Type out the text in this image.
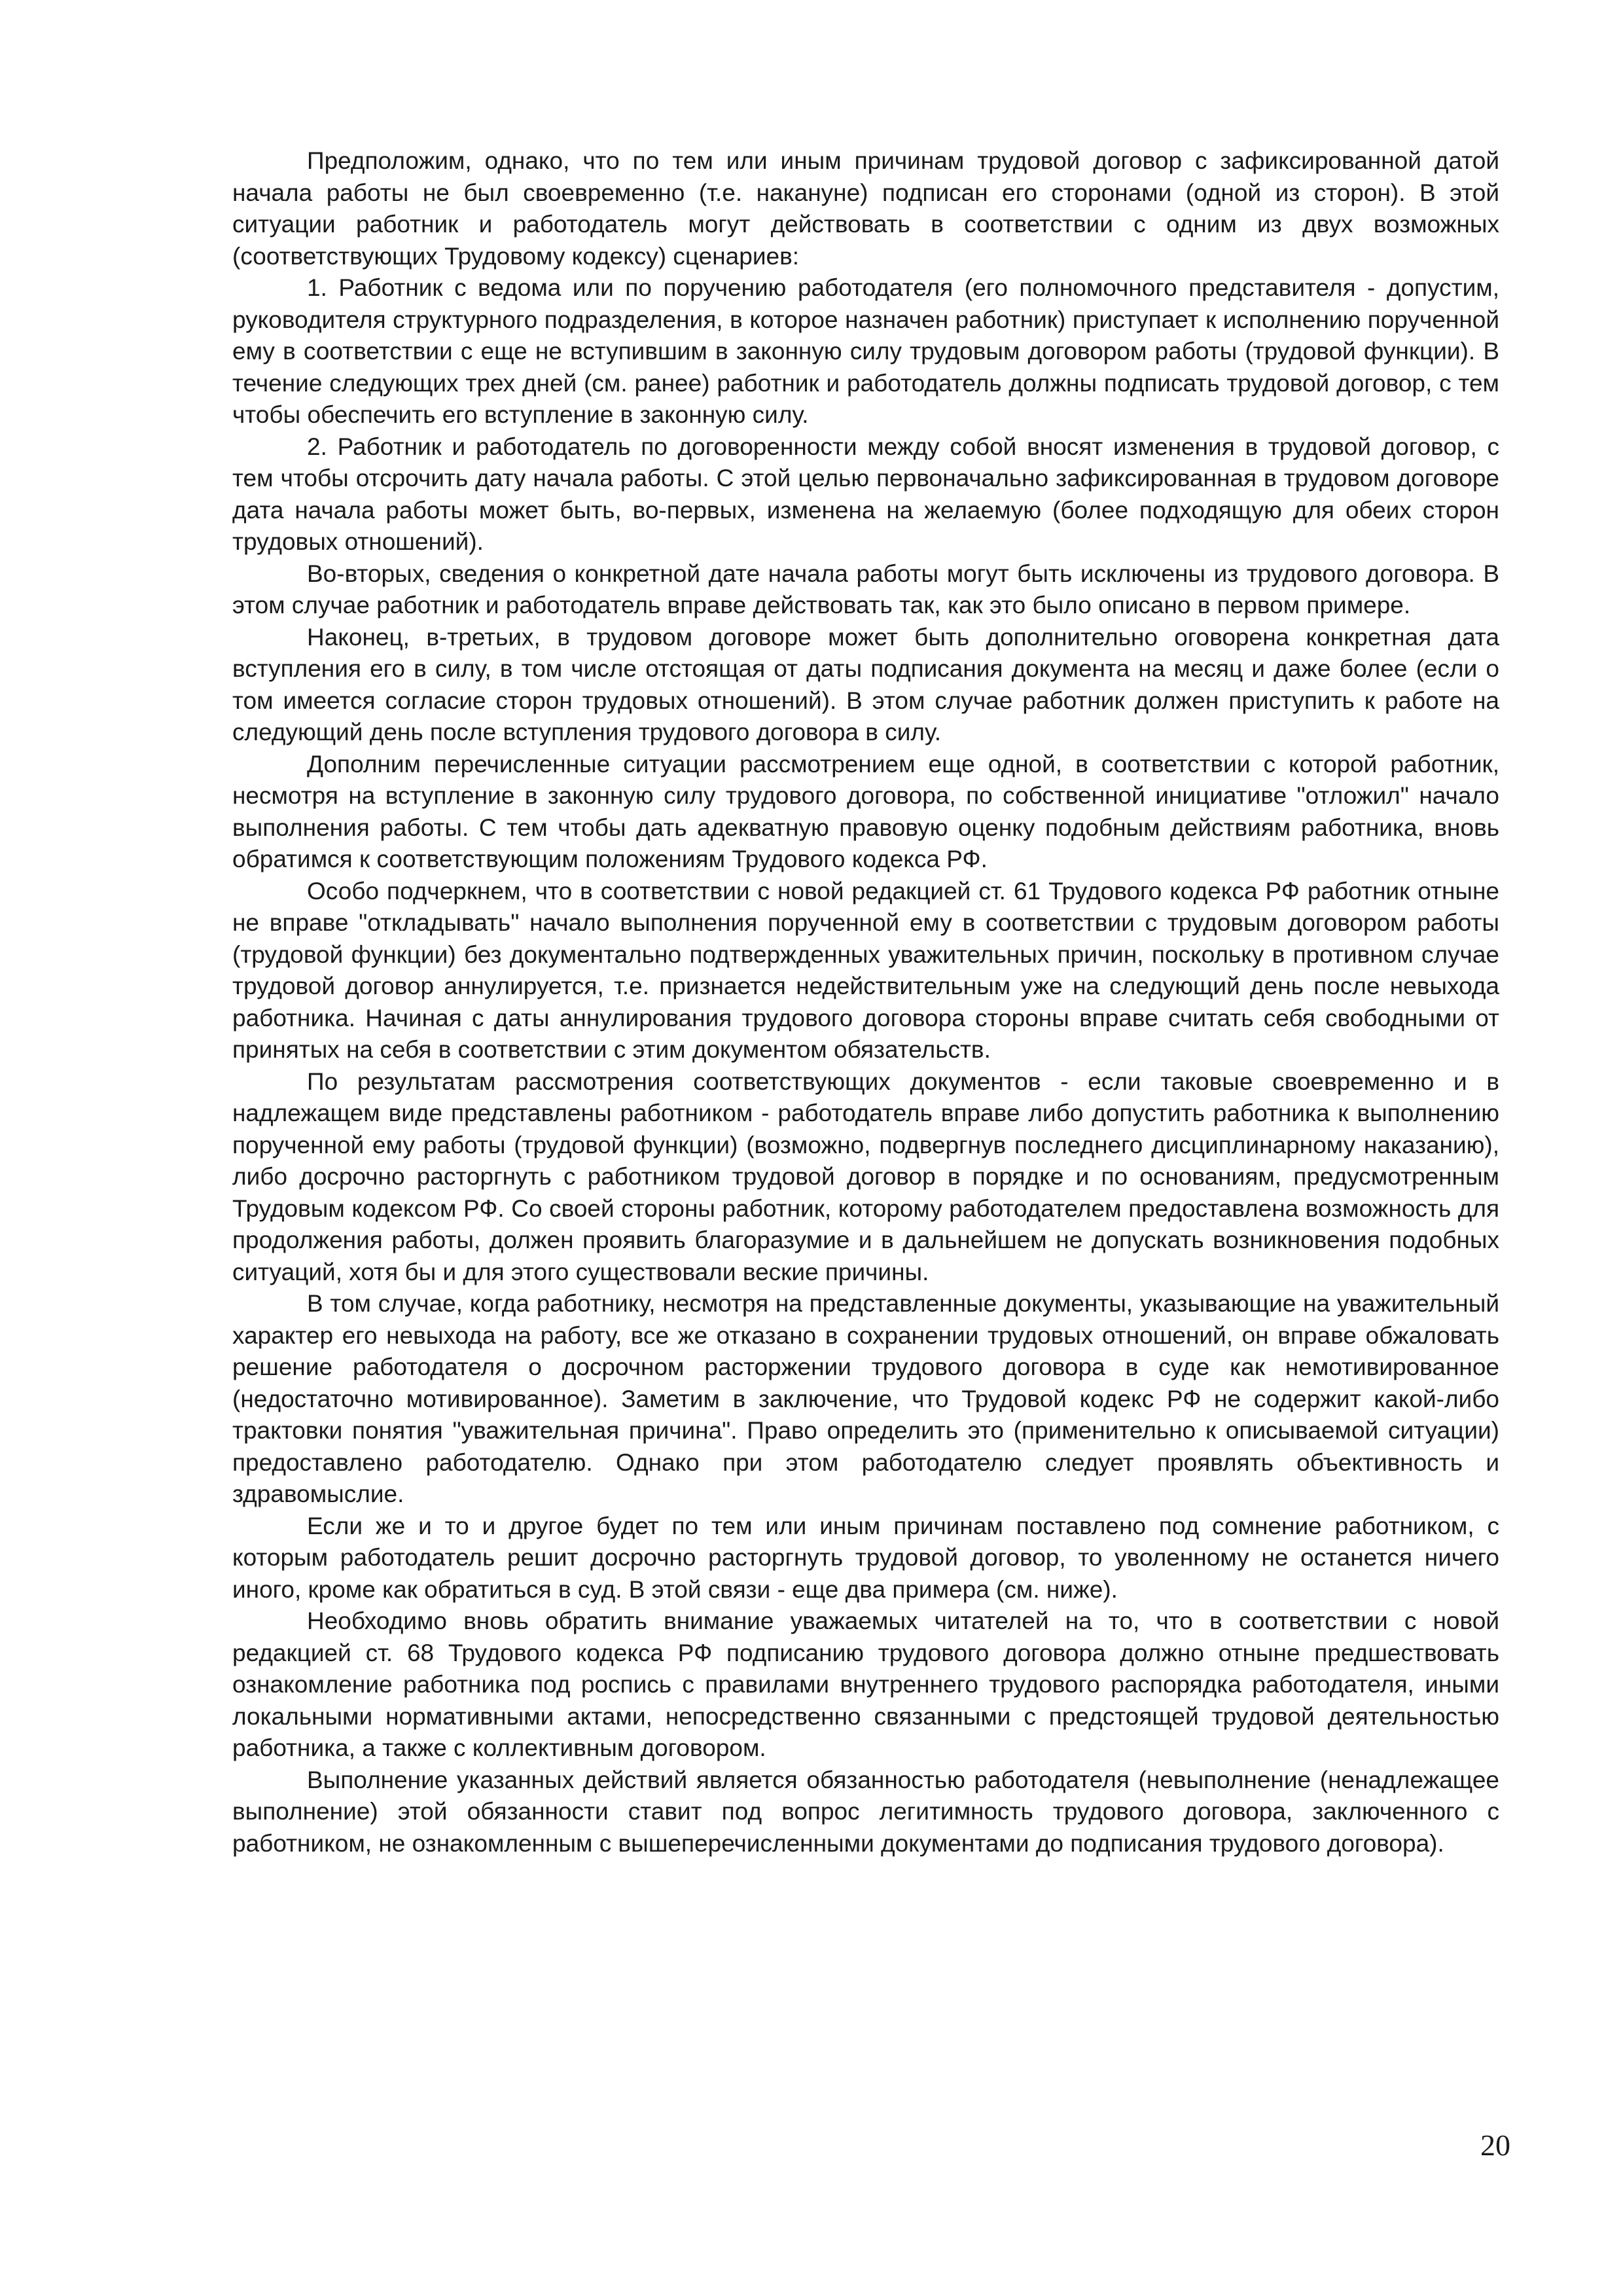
Предположим, однако, что по тем или иным причинам трудовой договор с зафиксированной датой начала работы не был своевременно (т.е. накануне) подписан его сторонами (одной из сторон). В этой ситуации работник и работодатель могут действовать в соответствии с одним из двух возможных (соответствующих Трудовому кодексу) сценариев:

1. Работник с ведома или по поручению работодателя (его полномочного представителя - допустим, руководителя структурного подразделения, в которое назначен работник) приступает к исполнению порученной ему в соответствии с еще не вступившим в законную силу трудовым договором работы (трудовой функции). В течение следующих трех дней (см. ранее) работник и работодатель должны подписать трудовой договор, с тем чтобы обеспечить его вступление в законную силу.

2. Работник и работодатель по договоренности между собой вносят изменения в трудовой договор, с тем чтобы отсрочить дату начала работы. С этой целью первоначально зафиксированная в трудовом договоре дата начала работы может быть, во-первых, изменена на желаемую (более подходящую для обеих сторон трудовых отношений).

Во-вторых, сведения о конкретной дате начала работы могут быть исключены из трудового договора. В этом случае работник и работодатель вправе действовать так, как это было описано в первом примере.

Наконец, в-третьих, в трудовом договоре может быть дополнительно оговорена конкретная дата вступления его в силу, в том числе отстоящая от даты подписания документа на месяц и даже более (если о том имеется согласие сторон трудовых отношений). В этом случае работник должен приступить к работе на следующий день после вступления трудового договора в силу.

Дополним перечисленные ситуации рассмотрением еще одной, в соответствии с которой работник, несмотря на вступление в законную силу трудового договора, по собственной инициативе "отложил" начало выполнения работы. С тем чтобы дать адекватную правовую оценку подобным действиям работника, вновь обратимся к соответствующим положениям Трудового кодекса РФ.

Особо подчеркнем, что в соответствии с новой редакцией ст. 61 Трудового кодекса РФ работник отныне не вправе "откладывать" начало выполнения порученной ему в соответствии с трудовым договором работы (трудовой функции) без документально подтвержденных уважительных причин, поскольку в противном случае трудовой договор аннулируется, т.е. признается недействительным уже на следующий день после невыхода работника. Начиная с даты аннулирования трудового договора стороны вправе считать себя свободными от принятых на себя в соответствии с этим документом обязательств.

По результатам рассмотрения соответствующих документов - если таковые своевременно и в надлежащем виде представлены работником - работодатель вправе либо допустить работника к выполнению порученной ему работы (трудовой функции) (возможно, подвергнув последнего дисциплинарному наказанию), либо досрочно расторгнуть с работником трудовой договор в порядке и по основаниям, предусмотренным Трудовым кодексом РФ. Со своей стороны работник, которому работодателем предоставлена возможность для продолжения работы, должен проявить благоразумие и в дальнейшем не допускать возникновения подобных ситуаций, хотя бы и для этого существовали веские причины.

В том случае, когда работнику, несмотря на представленные документы, указывающие на уважительный характер его невыхода на работу, все же отказано в сохранении трудовых отношений, он вправе обжаловать решение работодателя о досрочном расторжении трудового договора в суде как немотивированное (недостаточно мотивированное). Заметим в заключение, что Трудовой кодекс РФ не содержит какой-либо трактовки понятия "уважительная причина". Право определить это (применительно к описываемой ситуации) предоставлено работодателю. Однако при этом работодателю следует проявлять объективность и здравомыслие.

Если же и то и другое будет по тем или иным причинам поставлено под сомнение работником, с которым работодатель решит досрочно расторгнуть трудовой договор, то уволенному не останется ничего иного, кроме как обратиться в суд. В этой связи - еще два примера (см. ниже).

Необходимо вновь обратить внимание уважаемых читателей на то, что в соответствии с новой редакцией ст. 68 Трудового кодекса РФ подписанию трудового договора должно отныне предшествовать ознакомление работника под роспись с правилами внутреннего трудового распорядка работодателя, иными локальными нормативными актами, непосредственно связанными с предстоящей трудовой деятельностью работника, а также с коллективным договором.

Выполнение указанных действий является обязанностью работодателя (невыполнение (ненадлежащее выполнение) этой обязанности ставит под вопрос легитимность трудового договора, заключенного с работником, не ознакомленным с вышеперечисленными документами до подписания трудового договора).

20
